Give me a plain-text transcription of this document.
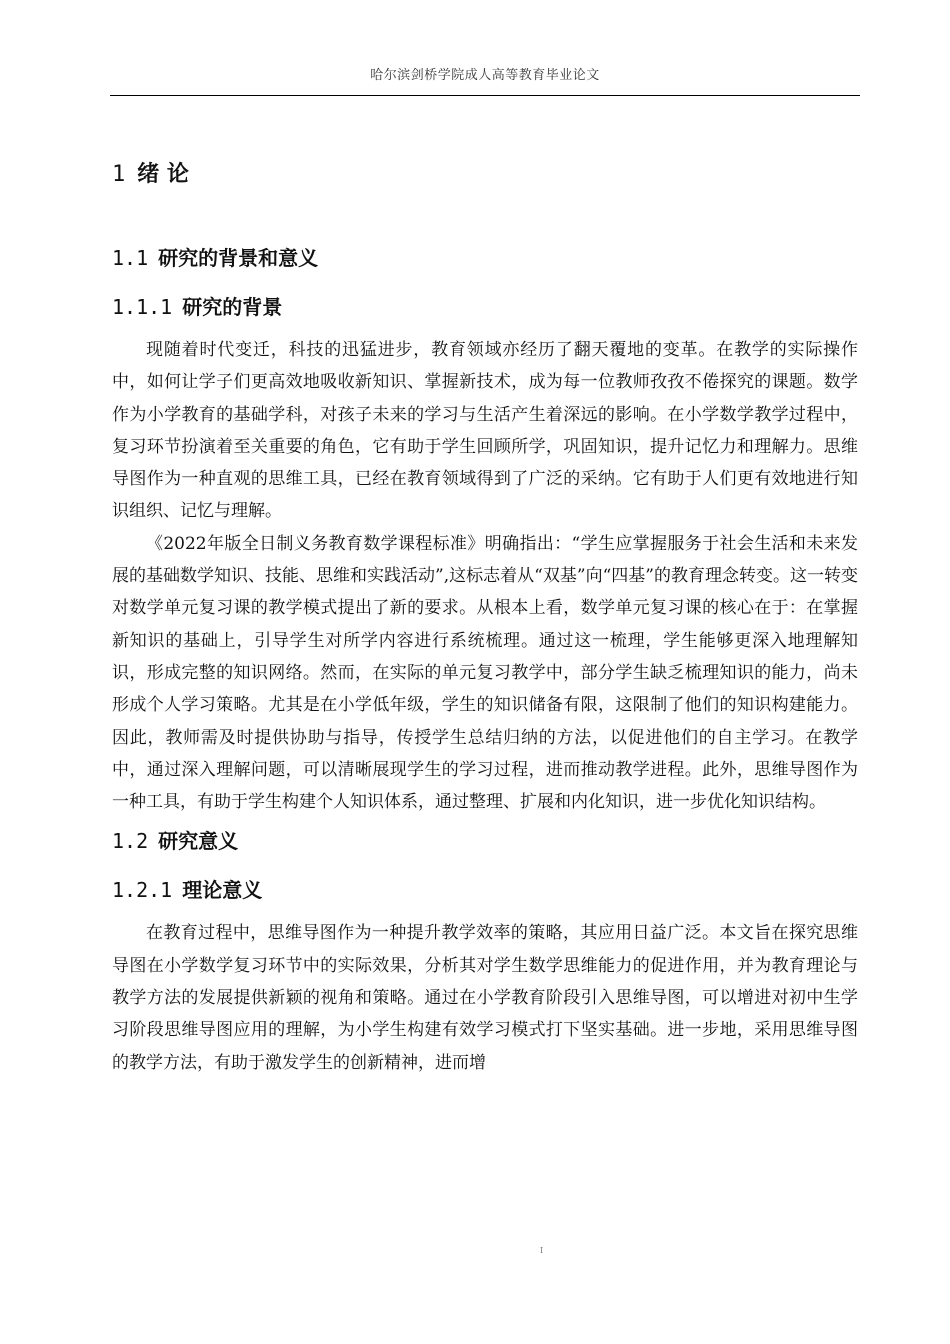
哈尔滨剑桥学院成人高等教育毕业论文
1 绪 论
1.1 研究的背景和意义
1.1.1 研究的背景

现随着时代变迁，科技的迅猛进步，教育领域亦经历了翻天覆地的变革。在教学的实际操作中，如何让学子们更高效地吸收新知识、掌握新技术，成为每一位教师孜孜不倦探究的课题。数学作为小学教育的基础学科，对孩子未来的学习与生活产生着深远的影响。在小学数学教学过程中，复习环节扮演着至关重要的角色，它有助于学生回顾所学，巩固知识，提升记忆力和理解力。思维导图作为一种直观的思维工具，已经在教育领域得到了广泛的采纳。它有助于人们更有效地进行知识组织、记忆与理解。

《2022年版全日制义务教育数学课程标准》明确指出：“学生应掌握服务于社会生活和未来发展的基础数学知识、技能、思维和实践活动”,这标志着从“双基”向“四基”的教育理念转变。这一转变对数学单元复习课的教学模式提出了新的要求。从根本上看，数学单元复习课的核心在于：在掌握新知识的基础上，引导学生对所学内容进行系统梳理。通过这一梳理，学生能够更深入地理解知识，形成完整的知识网络。然而，在实际的单元复习教学中，部分学生缺乏梳理知识的能力，尚未形成个人学习策略。尤其是在小学低年级，学生的知识储备有限，这限制了他们的知识构建能力。因此，教师需及时提供协助与指导，传授学生总结归纳的方法，以促进他们的自主学习。在教学中，通过深入理解问题，可以清晰展现学生的学习过程，进而推动教学进程。此外，思维导图作为一种工具，有助于学生构建个人知识体系，通过整理、扩展和内化知识，进一步优化知识结构。

1.2 研究意义
1.2.1 理论意义

在教育过程中，思维导图作为一种提升教学效率的策略，其应用日益广泛。本文旨在探究思维导图在小学数学复习环节中的实际效果，分析其对学生数学思维能力的促进作用，并为教育理论与教学方法的发展提供新颖的视角和策略。通过在小学教育阶段引入思维导图，可以增进对初中生学习阶段思维导图应用的理解，为小学生构建有效学习模式打下坚实基础。进一步地，采用思维导图的教学方法，有助于激发学生的创新精神，进而增

I
